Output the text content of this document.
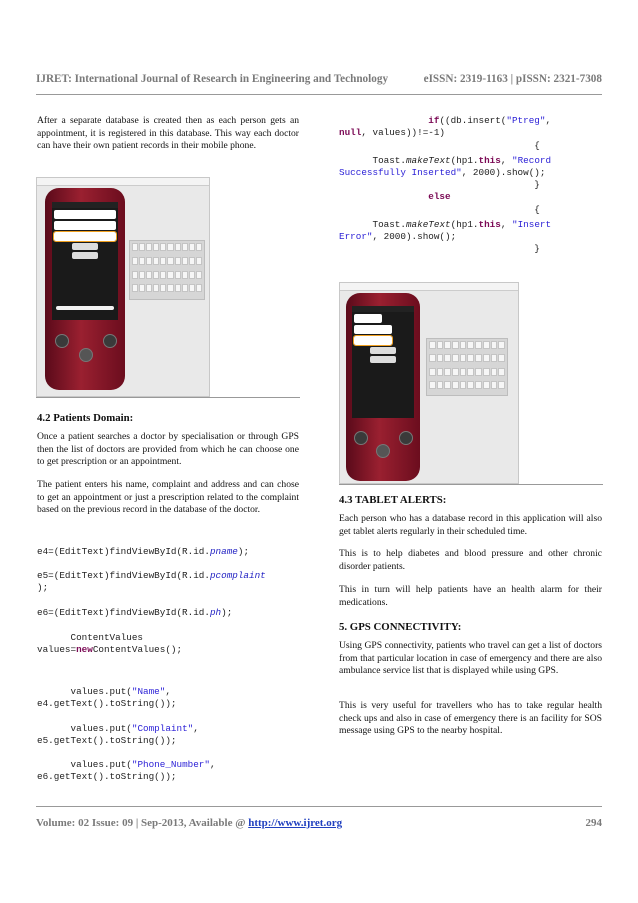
IJRET: International Journal of Research in Engineering and Technology	eISSN: 2319-1163 | pISSN: 2321-7308

After a separate database is created then as each person gets an appointment, it is registered in this database. This way each doctor can have their own patient records in their mobile phone.

4.2 Patients Domain:

Once a patient searches a doctor by specialisation or through GPS then the list of doctors are provided from which he can choose one to get prescription or an appointment.

The patient enters his name, complaint and address and can chose to get an appointment or just a prescription related to the complaint based on the previous record in the database of the doctor.

e4=(EditText)findViewById(R.id.pname);
e5=(EditText)findViewById(R.id.pcomplaint
);
e6=(EditText)findViewById(R.id.ph);
ContentValues
values=newContentValues();
values.put("Name",
e4.getText().toString());
values.put("Complaint",
e5.getText().toString());
values.put("Phone_Number",
e6.getText().toString());
if((db.insert("Ptreg",
null, values))!=-1)
{
Toast.makeText(hp1.this, "Record
Successfully Inserted", 2000).show();
}
else
{
Toast.makeText(hp1.this, "Insert
Error", 2000).show();
}

4.3 TABLET ALERTS:

Each person who has a database record in this application will also get tablet alerts regularly in their scheduled time.

This is to help diabetes and blood pressure and other chronic disorder patients.

This in turn will help patients have an health alarm for their medications.

5. GPS CONNECTIVITY:

Using GPS connectivity, patients who travel can get a list of doctors from that particular location in case of emergency and there are also ambulance service list that is displayed while using GPS.

This is very useful for travellers who has to take regular health check ups and also in case of emergency there is an facility for SOS message using GPS to the nearby hospital.

Volume: 02 Issue: 09 | Sep-2013, Available @ http://www.ijret.org	294
